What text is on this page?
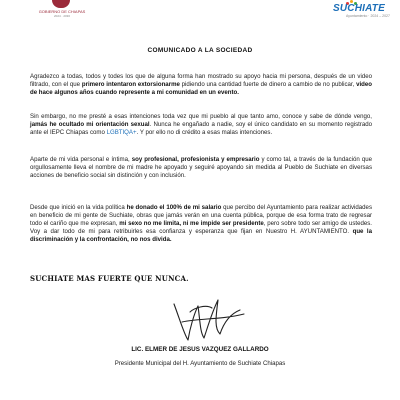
GOBIERNO DE CHIAPAS
2024 · 2030
SUCHIATE
Ayuntamiento · 2024 – 2027
COMUNICADO A LA SOCIEDAD
Agradezco a todas, todos y todes los que de alguna forma han mostrado su apoyo hacia mi persona, después de un video filtrado, con el que primero intentaron extorsionarme pidiendo una cantidad fuerte de dinero a cambio de no publicar, video de hace algunos años cuando represente a mi comunidad en un evento.
Sin embargo, no me presté a esas intenciones toda vez que mi pueblo al que tanto amo, conoce y sabe de dónde vengo, jamás he ocultado mi orientación sexual. Nunca he engañado a nadie, soy el único candidato en su momento registrado ante el IEPC Chiapas como LGBTIQA+. Y por ello no di crédito a esas malas intenciones.
Aparte de mi vida personal e íntima, soy profesional, profesionista y empresario y como tal, a través de la fundación que orgullosamente lleva el nombre de mi madre he apoyado y seguiré apoyando sin medida al Pueblo de Suchiate en diversas acciones de beneficio social sin distinción y con inclusión.
Desde que inició en la vida política he donado el 100% de mi salario que percibo del Ayuntamiento para realizar actividades en beneficio de mi gente de Suchiate, obras que jamás verán en una cuenta pública, porque de esa forma trato de regresar todo el cariño que me expresan, mi sexo no me limita, ni me impide ser presidente, pero sobre todo ser amigo de ustedes. Voy a dar todo de mi para retribuirles esa confianza y esperanza que fijan en Nuestro H. AYUNTAMIENTO. que la discriminación y la confrontación, no nos divida.
SUCHIATE MAS FUERTE QUE NUNCA.
LIC. ELMER DE JESUS VAZQUEZ GALLARDO
Presidente Municipal del H. Ayuntamiento de Suchiate Chiapas
